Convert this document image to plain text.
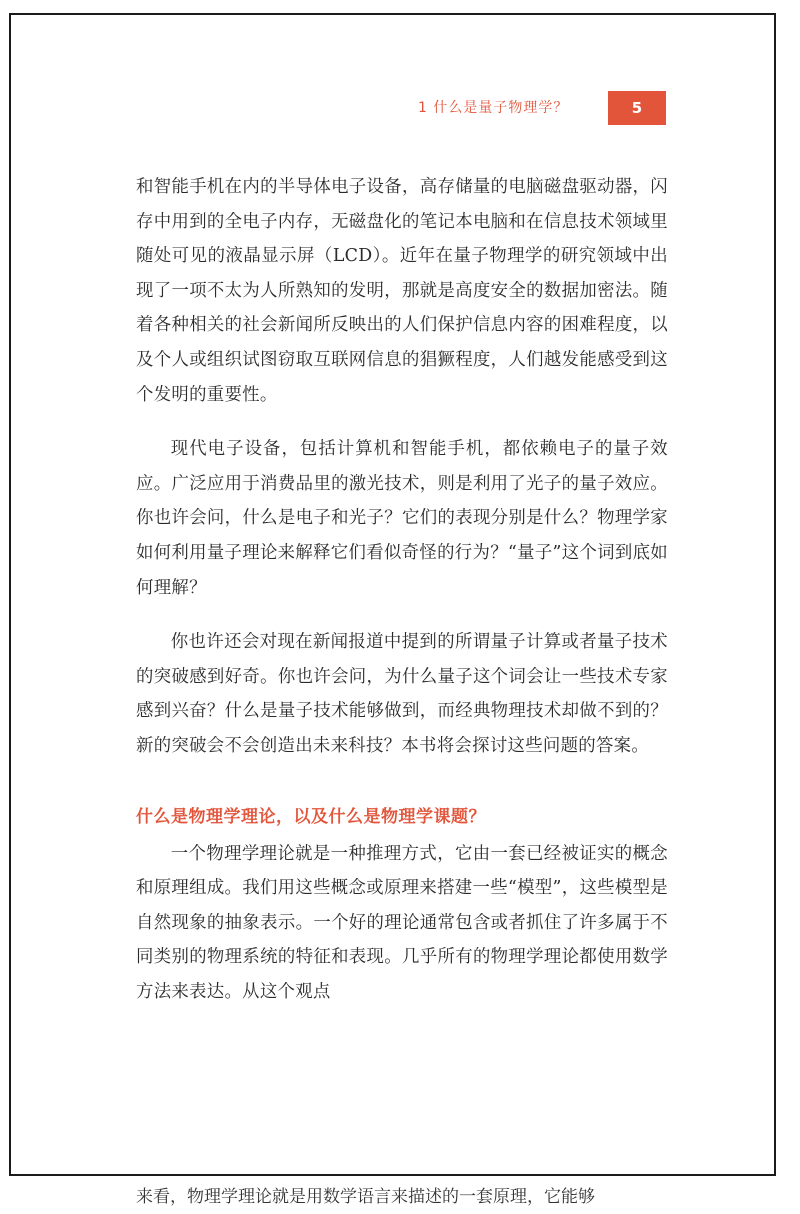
1 什么是量子物理学？	5

和智能手机在内的半导体电子设备，高存储量的电脑磁盘驱动器，闪存中用到的全电子内存，无磁盘化的笔记本电脑和在信息技术领域里随处可见的液晶显示屏（LCD）。近年在量子物理学的研究领域中出现了一项不太为人所熟知的发明，那就是高度安全的数据加密法。随着各种相关的社会新闻所反映出的人们保护信息内容的困难程度，以及个人或组织试图窃取互联网信息的猖獗程度，人们越发能感受到这个发明的重要性。

现代电子设备，包括计算机和智能手机，都依赖电子的量子效应。广泛应用于消费品里的激光技术，则是利用了光子的量子效应。你也许会问，什么是电子和光子？它们的表现分别是什么？物理学家如何利用量子理论来解释它们看似奇怪的行为？“量子”这个词到底如何理解？

你也许还会对现在新闻报道中提到的所谓量子计算或者量子技术的突破感到好奇。你也许会问，为什么量子这个词会让一些技术专家感到兴奋？什么是量子技术能够做到，而经典物理技术却做不到的？新的突破会不会创造出未来科技？本书将会探讨这些问题的答案。

什么是物理学理论，以及什么是物理学课题？

一个物理学理论就是一种推理方式，它由一套已经被证实的概念和原理组成。我们用这些概念或原理来搭建一些“模型”，这些模型是自然现象的抽象表示。一个好的理论通常包含或者抓住了许多属于不同类别的物理系统的特征和表现。几乎所有的物理学理论都使用数学方法来表达。从这个观点

来看，物理学理论就是用数学语言来描述的一套原理，它能够
